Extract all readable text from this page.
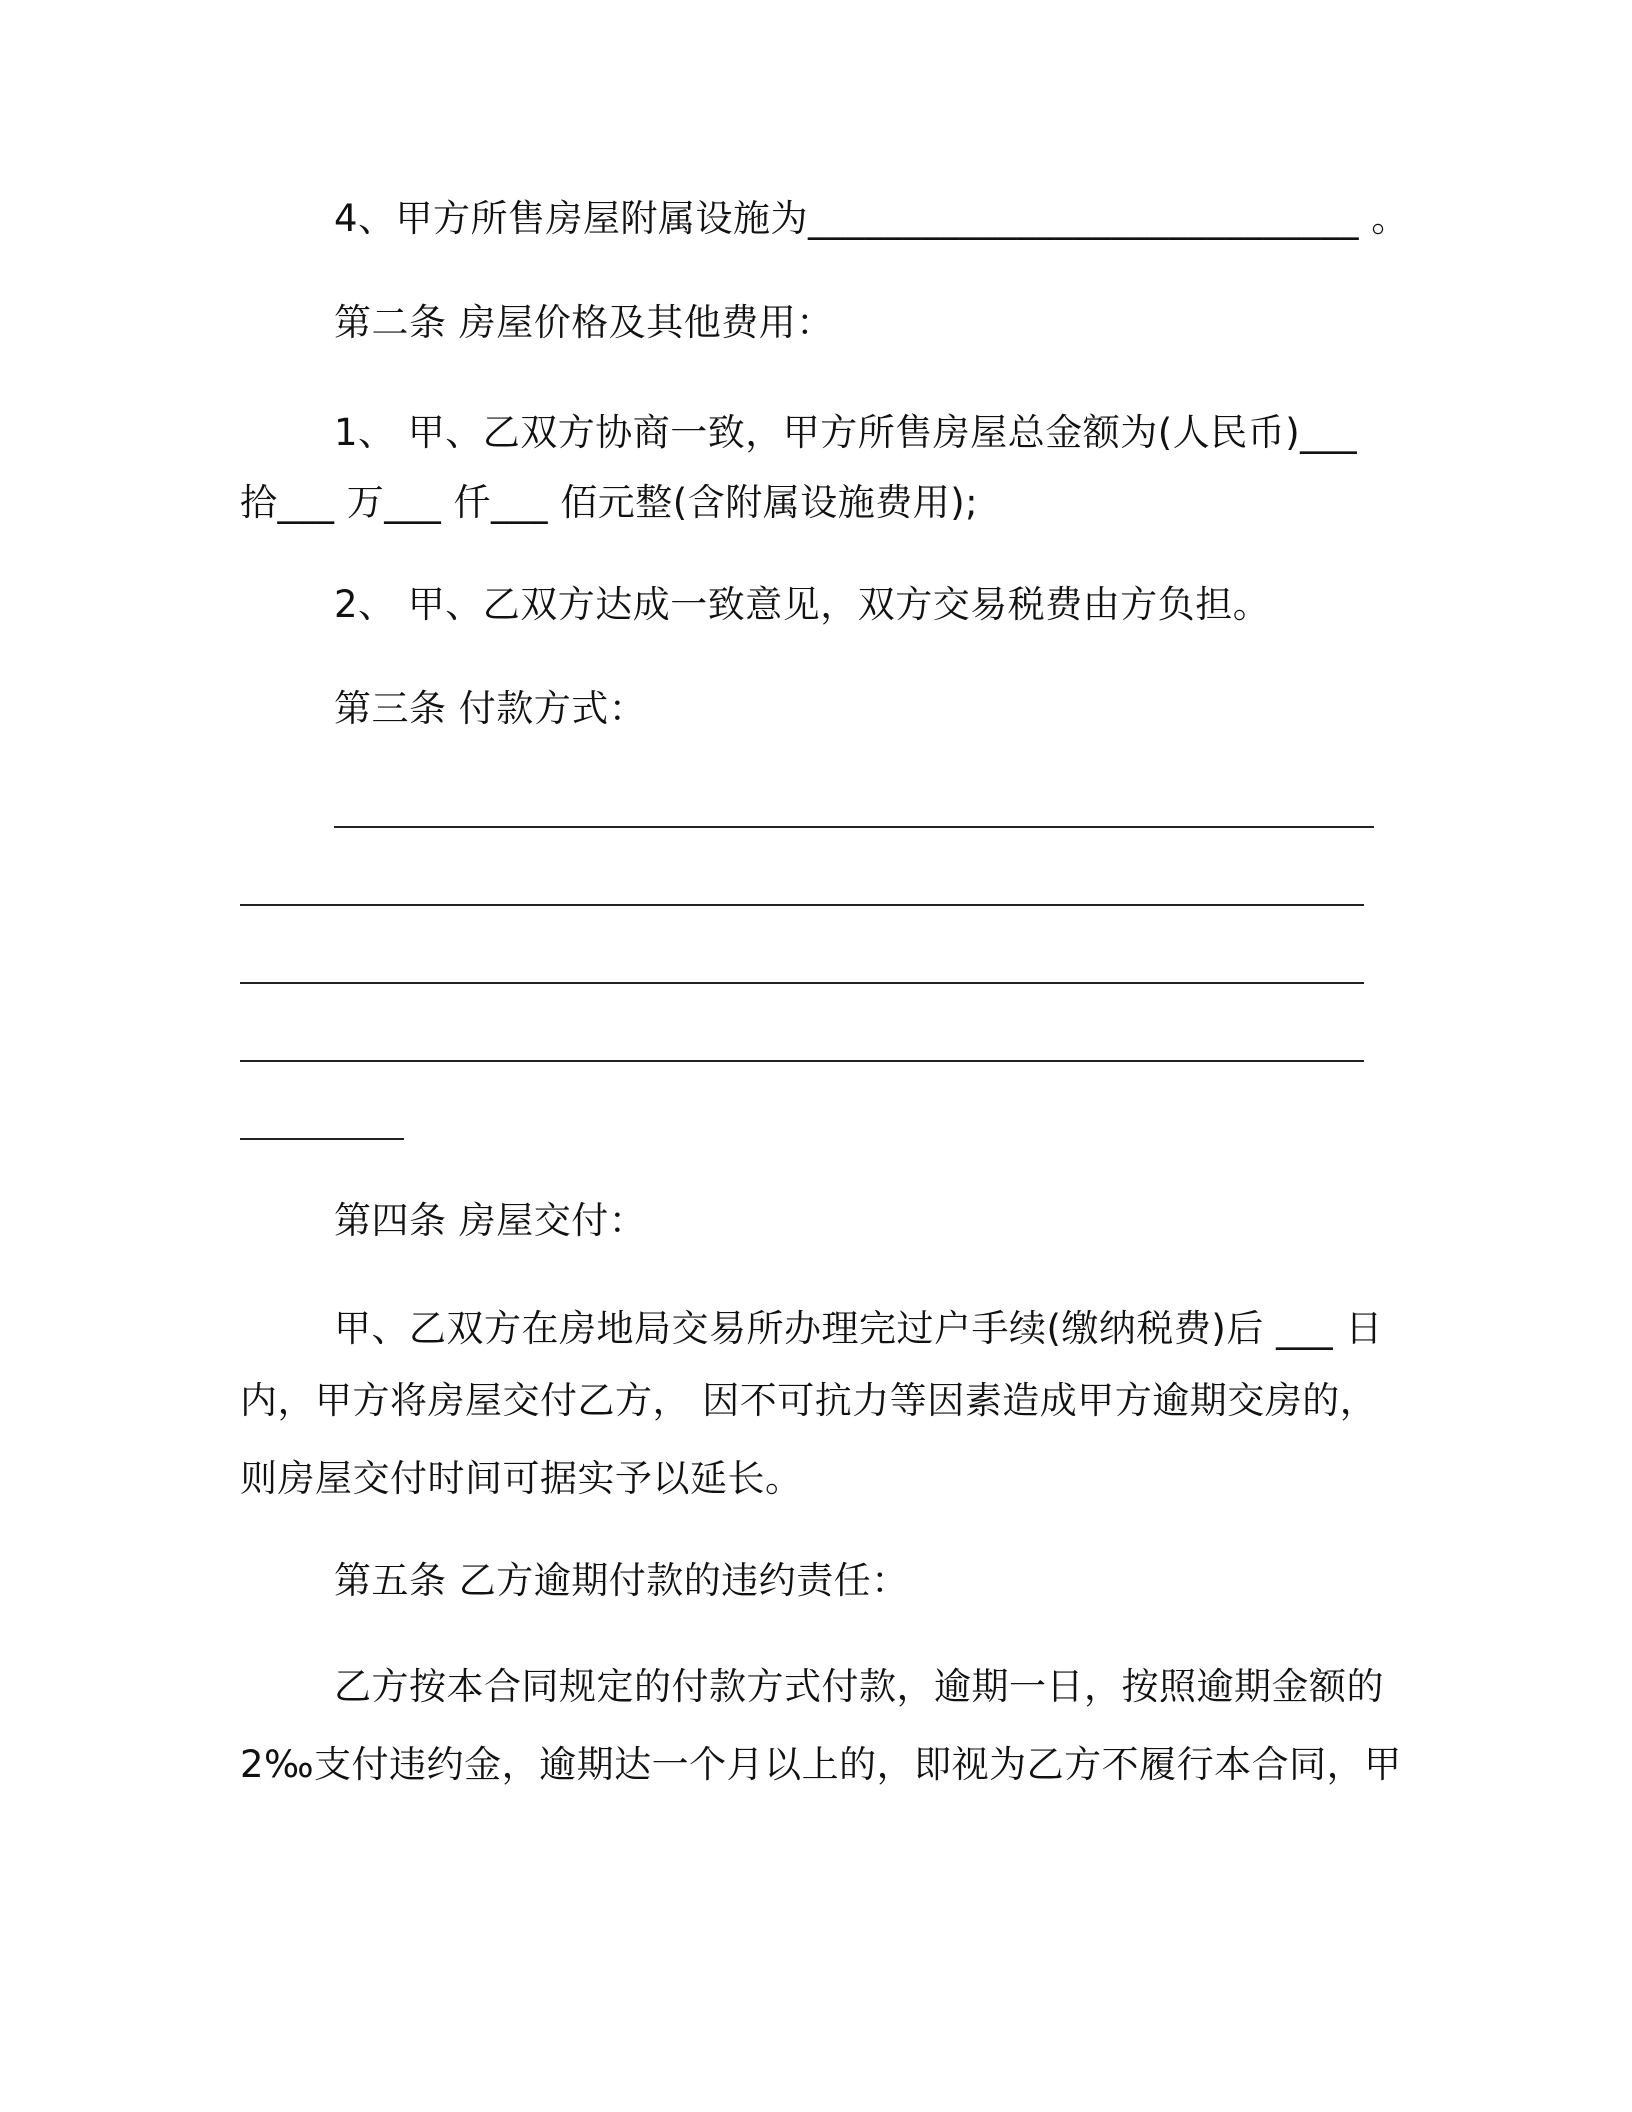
4、甲方所售房屋附属设施为_____________________________ 。
第二条 房屋价格及其他费用：
1、 甲、乙双方协商一致，甲方所售房屋总金额为(人民币)___
拾___ 万___ 仟___ 佰元整(含附属设施费用);
2、 甲、乙双方达成一致意见，双方交易税费由方负担。
第三条 付款方式：
第四条 房屋交付：
甲、乙双方在房地局交易所办理完过户手续(缴纳税费)后 ___ 日
内，甲方将房屋交付乙方， 因不可抗力等因素造成甲方逾期交房的，
则房屋交付时间可据实予以延长。
第五条 乙方逾期付款的违约责任：
乙方按本合同规定的付款方式付款，逾期一日，按照逾期金额的
2‰支付违约金，逾期达一个月以上的，即视为乙方不履行本合同，甲
